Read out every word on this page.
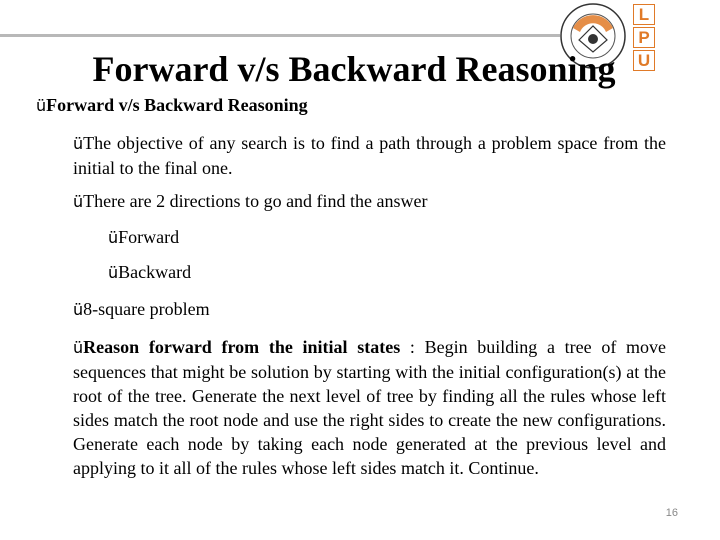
L
P
U
Forward v/s Backward Reasoning
üForward v/s Backward Reasoning
üThe objective of any search is to find a path through a problem space from the initial to the final one.
üThere are 2 directions to go and find the answer
üForward
üBackward
ü8-square problem
üReason forward from the initial states : Begin building a tree of move sequences that might be solution by starting with the initial configuration(s) at the root of the tree. Generate the next level of tree by finding all the rules whose left sides match the root node and use the right sides to create the new configurations. Generate each node by taking each node generated at the previous level and applying to it all of the rules whose left sides match it. Continue.
16
